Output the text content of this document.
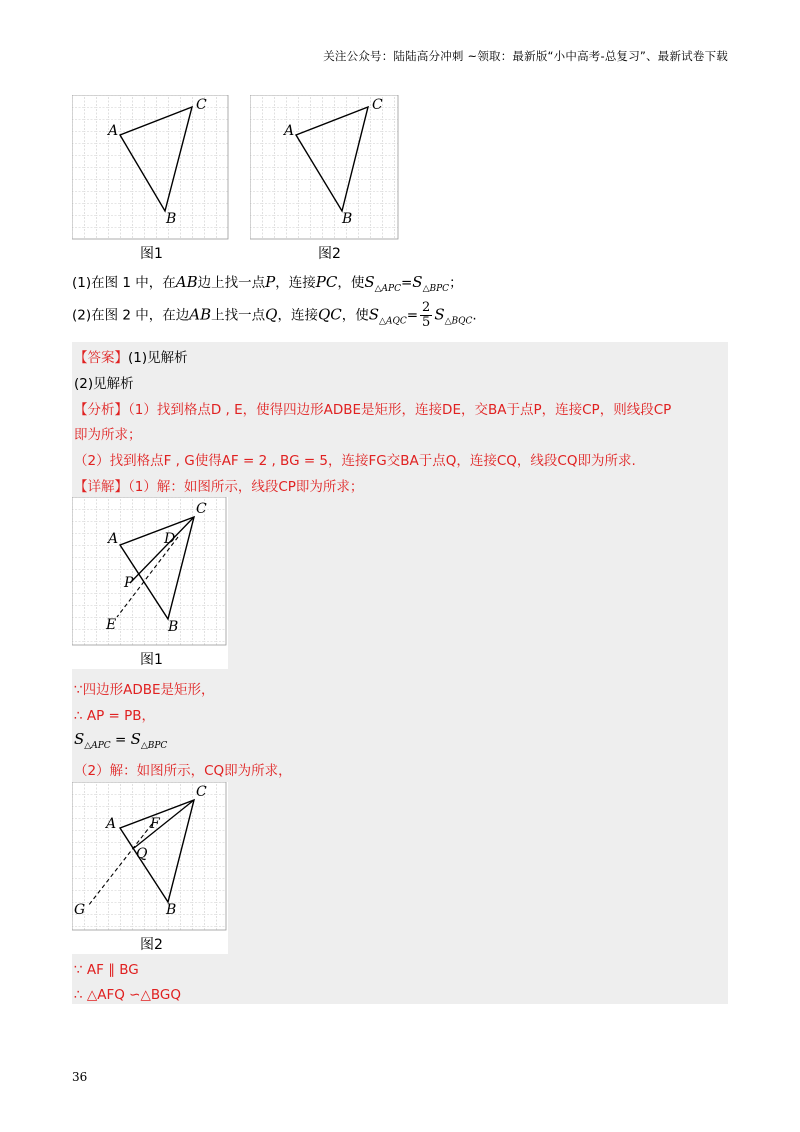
关注公众号：陆陆高分冲刺 ~领取：最新版“小中高考-总复习”、最新试卷下载
A
C
B
图1
A
C
B
图2
(1)在图 1 中，在AB边上找一点P，连接PC，使$S_{\triangle APC}=S_{\triangle BPC}$；
(2)在图 2 中，在边AB上找一点Q，连接QC，使$S_{\triangle AQC}= \frac{2}{5} S_{\triangle BQC}$.
【答案】(1)见解析
(2)见解析
【分析】（1）找到格点D , E，使得四边形ADBE是矩形，连接DE，交BA于点P，连接CP，则线段CP
即为所求；
（2）找到格点F , G使得AF = 2 , BG = 5，连接FG交BA于点Q，连接CQ，线段CQ即为所求.
【详解】（1）解：如图所示，线段CP即为所求；
A
C
D
P
E	B
图1
∵四边形ADBE是矩形，
∴ AP = PB，
$S_{\triangle APC} = S_{\triangle BPC}$
（2）解：如图所示，CQ即为所求，
A
C
F
Q
G	B
图2
∵ AF ∥ BG
∴ △AFQ ∽△BGQ
36
